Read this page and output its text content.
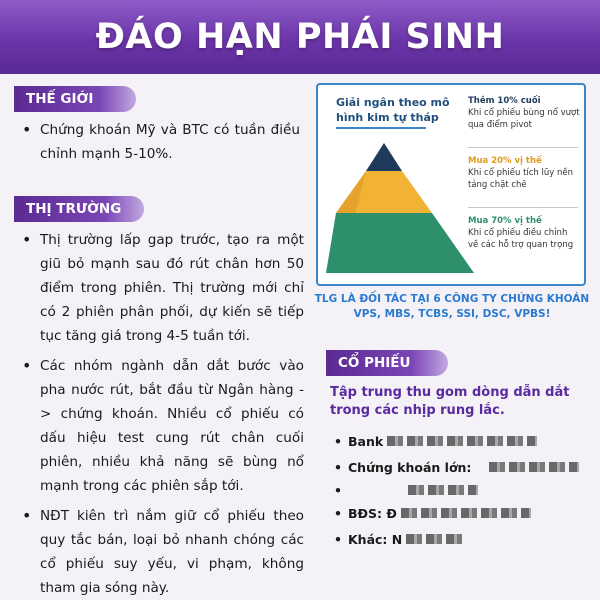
ĐÁO HẠN PHÁI SINH
THẾ GIỚI
• Chứng khoán Mỹ và BTC có tuần điều chỉnh mạnh 5-10%.
THỊ TRƯỜNG
• Thị trường lấp gap trước, tạo ra một giũ bỏ mạnh sau đó rút chân hơn 50 điểm trong phiên. Thị trường mới chỉ có 2 phiên phân phối, dự kiến sẽ tiếp tục tăng giá trong 4-5 tuần tới.
• Các nhóm ngành dẫn dắt bước vào pha nước rút, bắt đầu từ Ngân hàng -> chứng khoán. Nhiều cổ phiếu có dấu hiệu test cung rút chân cuối phiên, nhiều khả năng sẽ bùng nổ mạnh trong các phiên sắp tới.
• NĐT kiên trì nắm giữ cổ phiếu theo quy tắc bán, loại bỏ nhanh chóng các cổ phiếu suy yếu, vi phạm, không tham gia sóng này.
Giải ngân theo mô hình kim tự tháp
Thêm 10% cuối
Khi cổ phiếu bùng nổ vượt qua điểm pivot
Mua 20% vị thế
Khi cổ phiếu tích lũy nền tảng chặt chẽ
Mua 70% vị thế
Khi cổ phiếu điều chỉnh về các hỗ trợ quan trọng
TLG LÀ ĐỐI TÁC TẠI 6 CÔNG TY CHỨNG KHOÁN VPS, MBS, TCBS, SSI, DSC, VPBS!
CỔ PHIẾU
Tập trung thu gom dòng dẫn dắt trong các nhịp rung lắc.
• Bank
• Chứng khoán lớn:
•
• BĐS: Đ
• Khác: N
